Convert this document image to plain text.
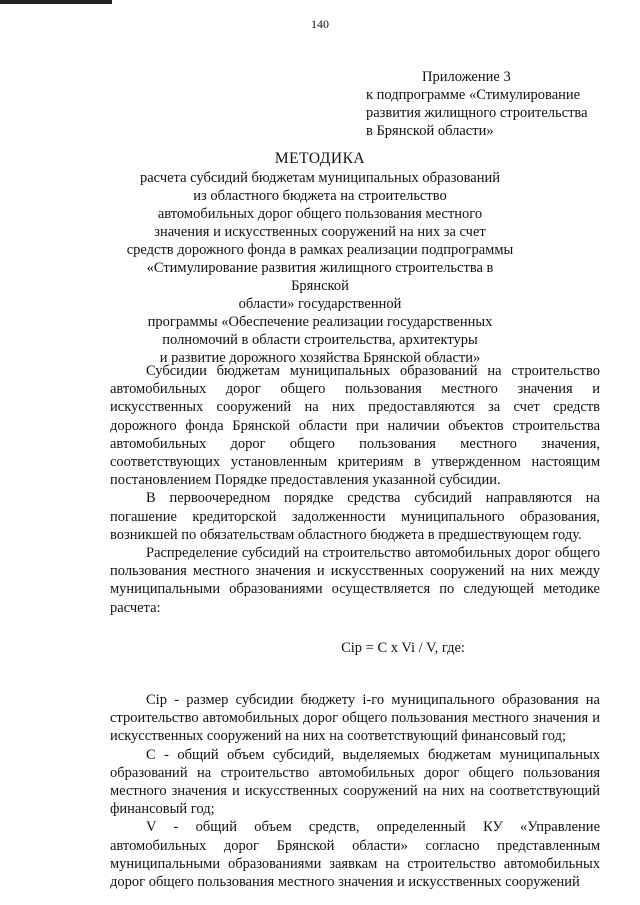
140
Приложение 3
к подпрограмме «Стимулирование
развития жилищного строительства
в Брянской области»
МЕТОДИКА
расчета субсидий бюджетам муниципальных образований
из областного бюджета на строительство
автомобильных дорог общего пользования местного
значения и искусственных сооружений на них за счет
средств дорожного фонда в рамках реализации подпрограммы
«Стимулирование развития жилищного строительства в Брянской
области» государственной
программы «Обеспечение реализации государственных
полномочий в области строительства, архитектуры
и развитие дорожного хозяйства Брянской области»

Субсидии бюджетам муниципальных образований на строительство автомобильных дорог общего пользования местного значения и искусственных сооружений на них предоставляются за счет средств дорожного фонда Брянской области при наличии объектов строительства автомобильных дорог общего пользования местного значения, соответствующих установленным критериям в утвержденном настоящим постановлением Порядке предоставления указанной субсидии.

В первоочередном порядке средства субсидий направляются на погашение кредиторской задолженности муниципального образования, возникшей по обязательствам областного бюджета в предшествующем году.

Распределение субсидий на строительство автомобильных дорог общего пользования местного значения и искусственных сооружений на них между муниципальными образованиями осуществляется по следующей методике расчета:

Сip = C x Vi / V, где:

Сip - размер субсидии бюджету i-го муниципального образования на строительство автомобильных дорог общего пользования местного значения и искусственных сооружений на них на соответствующий финансовый год;

С - общий объем субсидий, выделяемых бюджетам муниципальных образований на строительство автомобильных дорог общего пользования местного значения и искусственных сооружений на них на соответствующий финансовый год;

V - общий объем средств, определенный КУ «Управление автомобильных дорог Брянской области» согласно представленным муниципальными образованиями заявкам на строительство автомобильных дорог общего пользования местного значения и искусственных сооружений
